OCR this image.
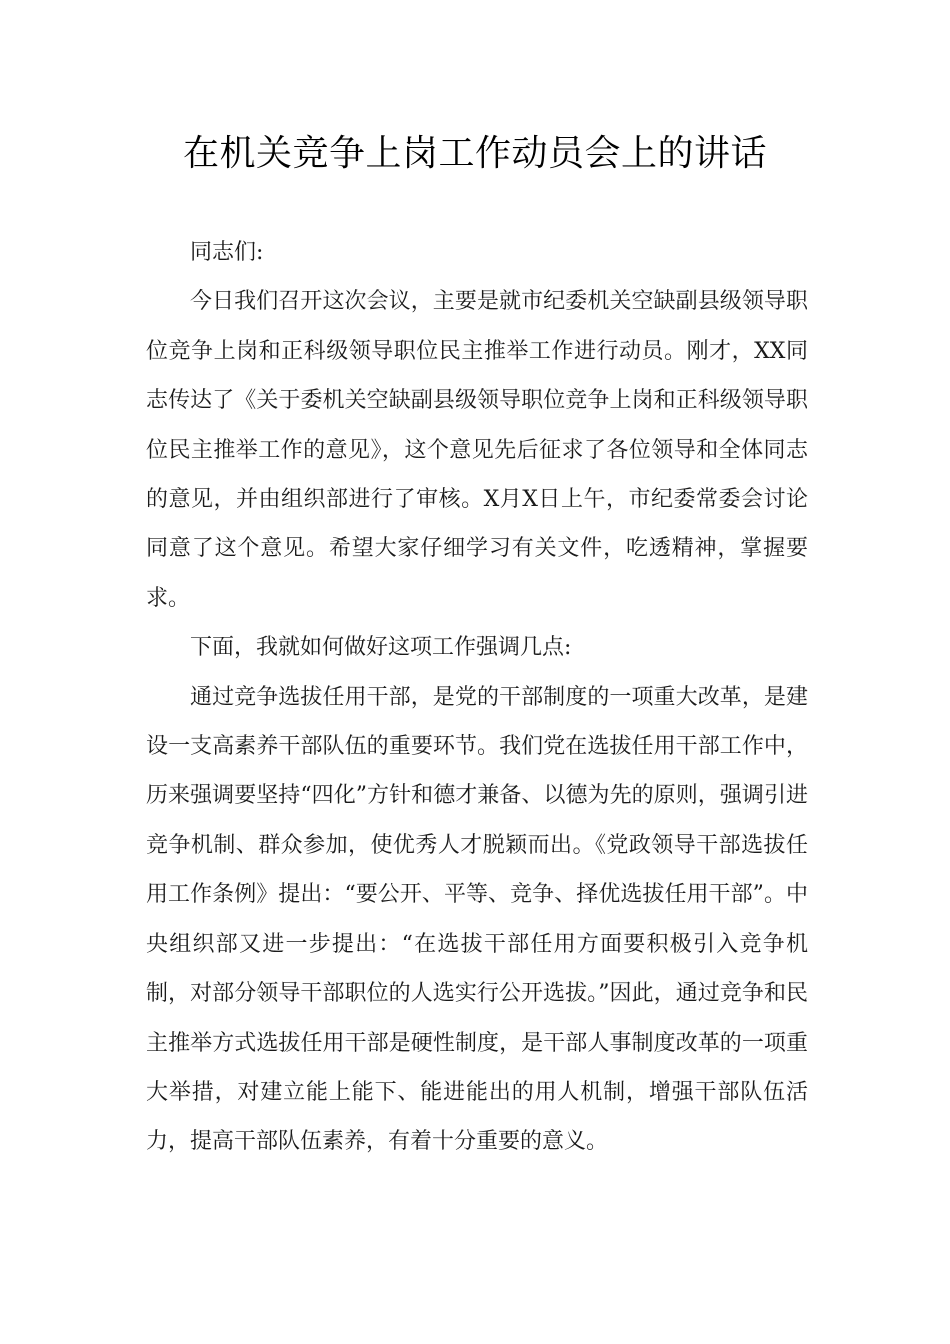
在机关竞争上岗工作动员会上的讲话

同志们:

今日我们召开这次会议，主要是就市纪委机关空缺副县级领导职位竞争上岗和正科级领导职位民主推举工作进行动员。刚才，XX同志传达了《关于委机关空缺副县级领导职位竞争上岗和正科级领导职位民主推举工作的意见》，这个意见先后征求了各位领导和全体同志的意见，并由组织部进行了审核。X月X日上午，市纪委常委会讨论同意了这个意见。希望大家仔细学习有关文件，吃透精神，掌握要求。

下面，我就如何做好这项工作强调几点:

通过竞争选拔任用干部，是党的干部制度的一项重大改革，是建设一支高素养干部队伍的重要环节。我们党在选拔任用干部工作中，历来强调要坚持“四化”方针和德才兼备、以德为先的原则，强调引进竞争机制、群众参加，使优秀人才脱颖而出。《党政领导干部选拔任用工作条例》提出：“要公开、平等、竞争、择优选拔任用干部”。中央组织部又进一步提出：“在选拔干部任用方面要积极引入竞争机制，对部分领导干部职位的人选实行公开选拔。”因此，通过竞争和民主推举方式选拔任用干部是硬性制度，是干部人事制度改革的一项重大举措，对建立能上能下、能进能出的用人机制，增强干部队伍活力，提高干部队伍素养，有着十分重要的意义。
